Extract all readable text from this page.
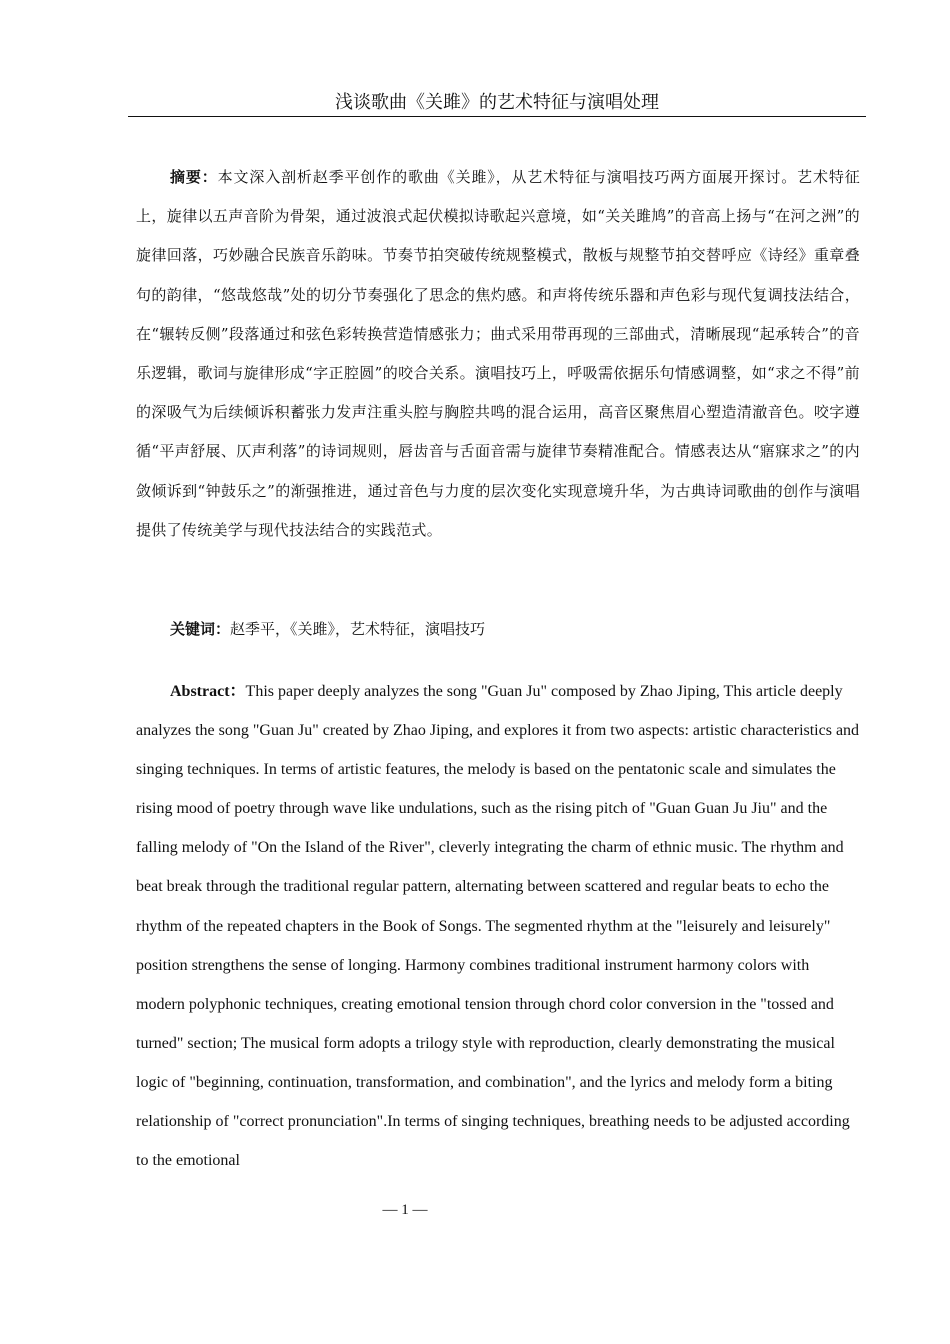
浅谈歌曲《关雎》的艺术特征与演唱处理

摘要：本文深入剖析赵季平创作的歌曲《关雎》，从艺术特征与演唱技巧两方面展开探讨。艺术特征上，旋律以五声音阶为骨架，通过波浪式起伏模拟诗歌起兴意境，如“关关雎鸠”的音高上扬与“在河之洲”的旋律回落，巧妙融合民族音乐韵味。节奏节拍突破传统规整模式，散板与规整节拍交替呼应《诗经》重章叠句的韵律，“悠哉悠哉”处的切分节奏强化了思念的焦灼感。和声将传统乐器和声色彩与现代复调技法结合，在“辗转反侧”段落通过和弦色彩转换营造情感张力；曲式采用带再现的三部曲式，清晰展现“起承转合”的音乐逻辑，歌词与旋律形成“字正腔圆”的咬合关系。演唱技巧上，呼吸需依据乐句情感调整，如“求之不得”前的深吸气为后续倾诉积蓄张力发声注重头腔与胸腔共鸣的混合运用，高音区聚焦眉心塑造清澈音色。咬字遵循“平声舒展、仄声利落”的诗词规则，唇齿音与舌面音需与旋律节奏精准配合。情感表达从“寤寐求之”的内敛倾诉到“钟鼓乐之”的渐强推进，通过音色与力度的层次变化实现意境升华，为古典诗词歌曲的创作与演唱提供了传统美学与现代技法结合的实践范式。

关键词：赵季平，《关雎》，艺术特征，演唱技巧

Abstract：This paper deeply analyzes the song "Guan Ju" composed by Zhao Jiping, This article deeply analyzes the song "Guan Ju" created by Zhao Jiping, and explores it from two aspects: artistic characteristics and singing techniques. In terms of artistic features, the melody is based on the pentatonic scale and simulates the rising mood of poetry through wave like undulations, such as the rising pitch of "Guan Guan Ju Jiu" and the falling melody of "On the Island of the River", cleverly integrating the charm of ethnic music. The rhythm and beat break through the traditional regular pattern, alternating between scattered and regular beats to echo the rhythm of the repeated chapters in the Book of Songs. The segmented rhythm at the "leisurely and leisurely" position strengthens the sense of longing. Harmony combines traditional instrument harmony colors with modern polyphonic techniques, creating emotional tension through chord color conversion in the "tossed and turned" section; The musical form adopts a trilogy style with reproduction, clearly demonstrating the musical logic of "beginning, continuation, transformation, and combination", and the lyrics and melody form a biting relationship of "correct pronunciation".In terms of singing techniques, breathing needs to be adjusted according to the emotional

— 1 —
